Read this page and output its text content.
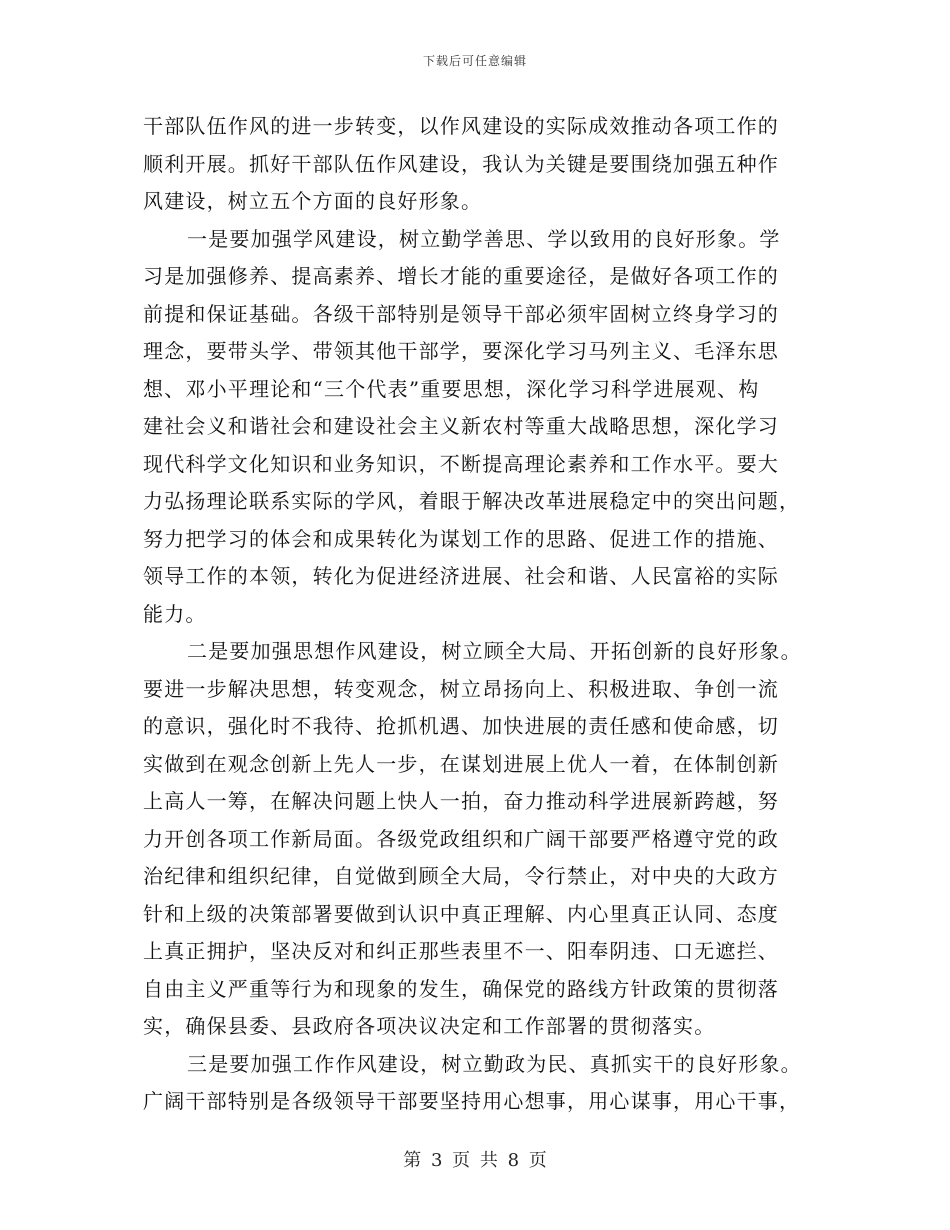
下载后可任意编辑
干部队伍作风的进一步转变，以作风建设的实际成效推动各项工作的
顺利开展。抓好干部队伍作风建设，我认为关键是要围绕加强五种作
风建设，树立五个方面的良好形象。
一是要加强学风建设，树立勤学善思、学以致用的良好形象。学
习是加强修养、提高素养、增长才能的重要途径，是做好各项工作的
前提和保证基础。各级干部特别是领导干部必须牢固树立终身学习的
理念，要带头学、带领其他干部学，要深化学习马列主义、毛泽东思
想、邓小平理论和“三个代表”重要思想，深化学习科学进展观、构
建社会义和谐社会和建设社会主义新农村等重大战略思想，深化学习
现代科学文化知识和业务知识，不断提高理论素养和工作水平。要大
力弘扬理论联系实际的学风，着眼于解决改革进展稳定中的突出问题，
努力把学习的体会和成果转化为谋划工作的思路、促进工作的措施、
领导工作的本领，转化为促进经济进展、社会和谐、人民富裕的实际
能力。
二是要加强思想作风建设，树立顾全大局、开拓创新的良好形象。
要进一步解决思想，转变观念，树立昂扬向上、积极进取、争创一流
的意识，强化时不我待、抢抓机遇、加快进展的责任感和使命感，切
实做到在观念创新上先人一步，在谋划进展上优人一着，在体制创新
上高人一筹，在解决问题上快人一拍，奋力推动科学进展新跨越，努
力开创各项工作新局面。各级党政组织和广阔干部要严格遵守党的政
治纪律和组织纪律，自觉做到顾全大局，令行禁止，对中央的大政方
针和上级的决策部署要做到认识中真正理解、内心里真正认同、态度
上真正拥护，坚决反对和纠正那些表里不一、阳奉阴违、口无遮拦、
自由主义严重等行为和现象的发生，确保党的路线方针政策的贯彻落
实，确保县委、县政府各项决议决定和工作部署的贯彻落实。
三是要加强工作作风建设，树立勤政为民、真抓实干的良好形象。
广阔干部特别是各级领导干部要坚持用心想事，用心谋事，用心干事，
第 3 页 共 8 页
